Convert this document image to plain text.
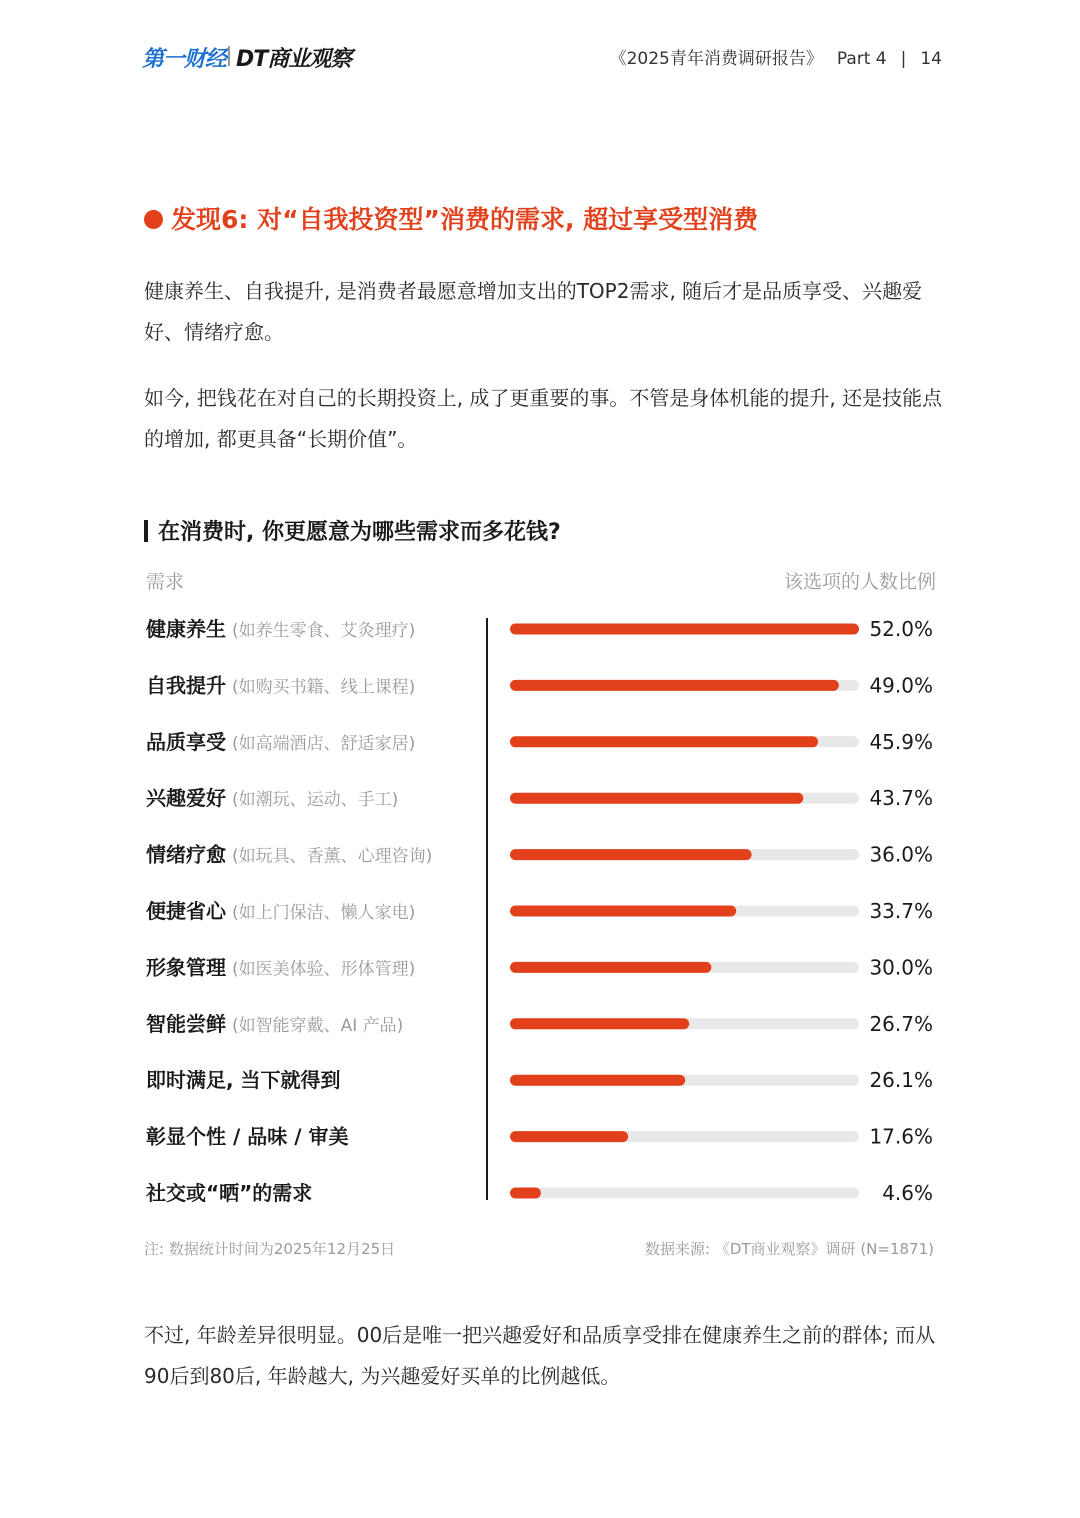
第一财经 DT商业观察	《2025青年消费调研报告》 Part 4 | 14
发现6: 对“自我投资型”消费的需求, 超过享受型消费
健康养生、自我提升, 是消费者最愿意增加支出的TOP2需求, 随后才是品质享受、兴趣爱好、情绪疗愈。
如今, 把钱花在对自己的长期投资上, 成了更重要的事。不管是身体机能的提升, 还是技能点的增加, 都更具备“长期价值”。
在消费时, 你更愿意为哪些需求而多花钱?
需求	该选项的人数比例
健康养生 (如养生零食、艾灸理疗)	52.0%
自我提升 (如购买书籍、线上课程)	49.0%
品质享受 (如高端酒店、舒适家居)	45.9%
兴趣爱好 (如潮玩、运动、手工)	43.7%
情绪疗愈 (如玩具、香薰、心理咨询)	36.0%
便捷省心 (如上门保洁、懒人家电)	33.7%
形象管理 (如医美体验、形体管理)	30.0%
智能尝鲜 (如智能穿戴、AI 产品)	26.7%
即时满足, 当下就得到	26.1%
彰显个性 / 品味 / 审美	17.6%
社交或“晒”的需求	4.6%
注: 数据统计时间为2025年12月25日	数据来源: 《DT商业观察》调研 (N=1871)
不过, 年龄差异很明显。00后是唯一把兴趣爱好和品质享受排在健康养生之前的群体; 而从90后到80后, 年龄越大, 为兴趣爱好买单的比例越低。
